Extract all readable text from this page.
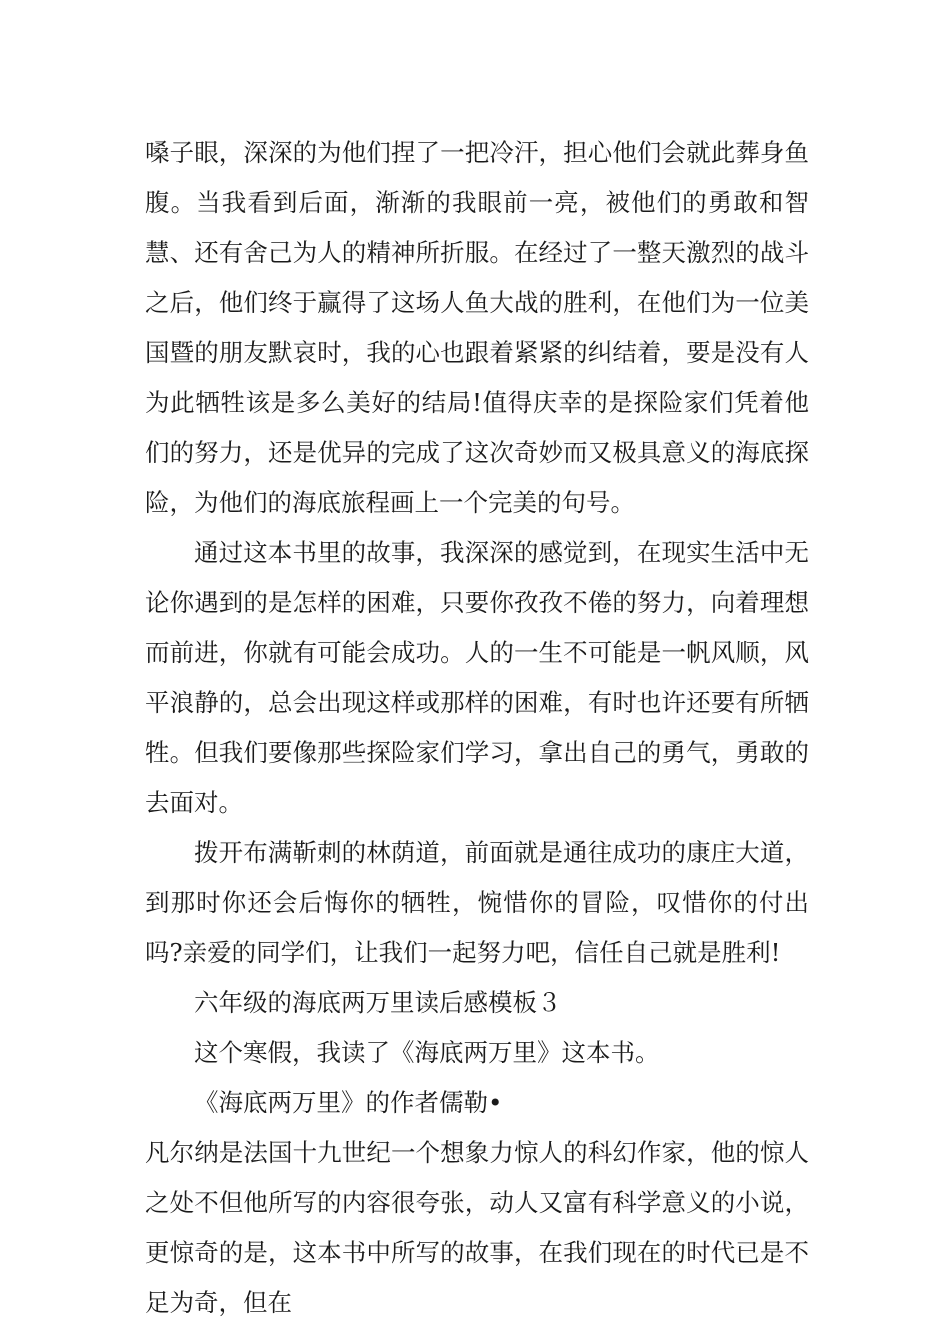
嗓子眼，深深的为他们捏了一把冷汗，担心他们会就此葬身鱼腹。当我看到后面，渐渐的我眼前一亮，被他们的勇敢和智慧、还有舍己为人的精神所折服。在经过了一整天激烈的战斗之后，他们终于赢得了这场人鱼大战的胜利，在他们为一位美国暨的朋友默哀时，我的心也跟着紧紧的纠结着，要是没有人为此牺牲该是多么美好的结局!值得庆幸的是探险家们凭着他们的努力，还是优异的完成了这次奇妙而又极具意义的海底探险，为他们的海底旅程画上一个完美的句号。

通过这本书里的故事，我深深的感觉到，在现实生活中无论你遇到的是怎样的困难，只要你孜孜不倦的努力，向着理想而前进，你就有可能会成功。人的一生不可能是一帆风顺，风平浪静的，总会出现这样或那样的困难，有时也许还要有所牺牲。但我们要像那些探险家们学习，拿出自己的勇气，勇敢的去面对。

拨开布满靳刺的林荫道，前面就是通往成功的康庄大道，到那时你还会后悔你的牺牲，惋惜你的冒险，叹惜你的付出吗?亲爱的同学们，让我们一起努力吧，信任自己就是胜利!

六年级的海底两万里读后感模板３

这个寒假，我读了《海底两万里》这本书。

《海底两万里》的作者儒勒•

凡尔纳是法国十九世纪一个想象力惊人的科幻作家，他的惊人之处不但他所写的内容很夸张，动人又富有科学意义的小说，更惊奇的是，这本书中所写的故事，在我们现在的时代已是不足为奇，但在
